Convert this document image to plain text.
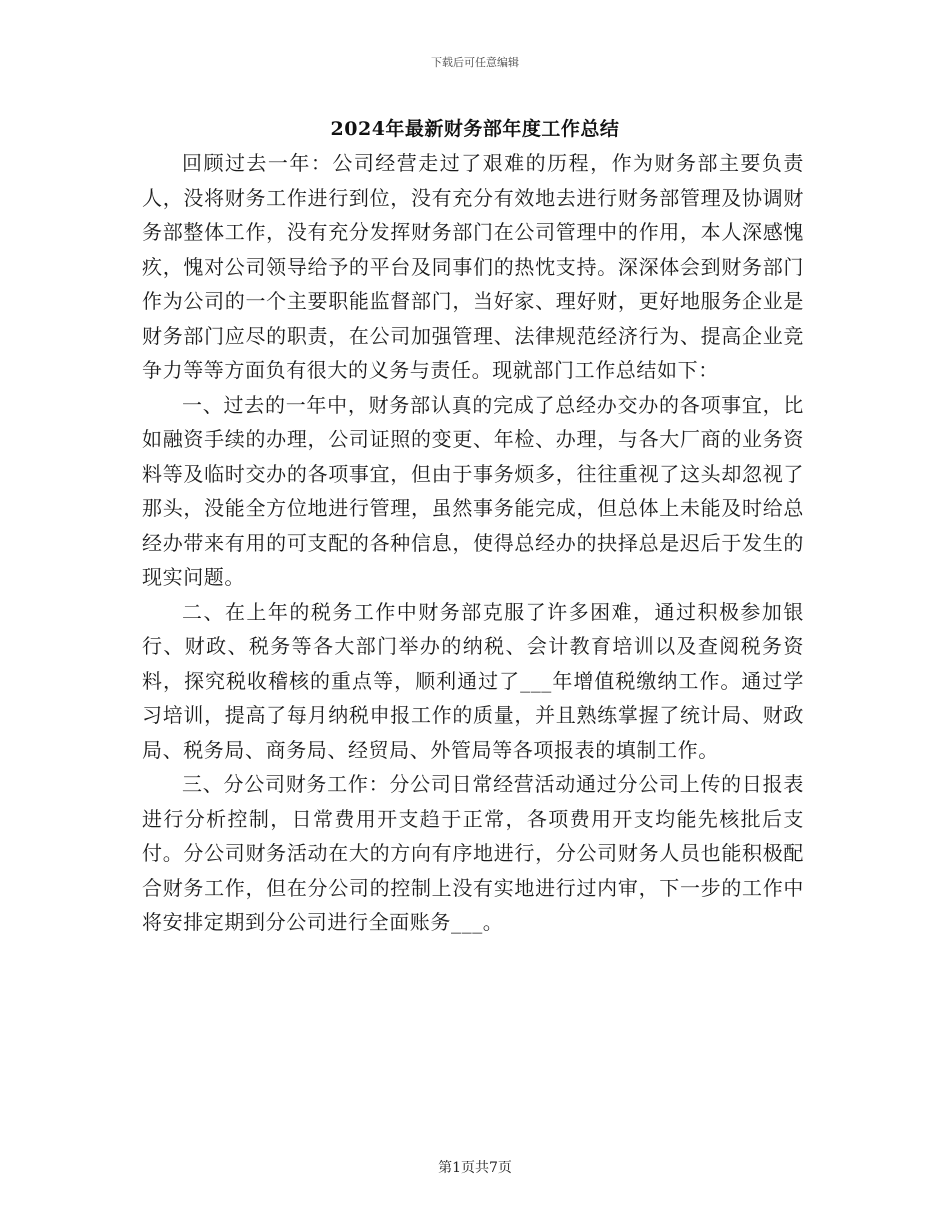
下载后可任意编辑
2024年最新财务部年度工作总结

回顾过去一年：公司经营走过了艰难的历程，作为财务部主要负责人，没将财务工作进行到位，没有充分有效地去进行财务部管理及协调财务部整体工作，没有充分发挥财务部门在公司管理中的作用，本人深感愧疚，愧对公司领导给予的平台及同事们的热忱支持。深深体会到财务部门作为公司的一个主要职能监督部门，当好家、理好财，更好地服务企业是财务部门应尽的职责，在公司加强管理、法律规范经济行为、提高企业竞争力等等方面负有很大的义务与责任。现就部门工作总结如下：

一、过去的一年中，财务部认真的完成了总经办交办的各项事宜，比如融资手续的办理，公司证照的变更、年检、办理，与各大厂商的业务资料等及临时交办的各项事宜，但由于事务烦多，往往重视了这头却忽视了那头，没能全方位地进行管理，虽然事务能完成，但总体上未能及时给总经办带来有用的可支配的各种信息，使得总经办的抉择总是迟后于发生的现实问题。

二、在上年的税务工作中财务部克服了许多困难，通过积极参加银行、财政、税务等各大部门举办的纳税、会计教育培训以及查阅税务资料，探究税收稽核的重点等，顺利通过了___年增值税缴纳工作。通过学习培训，提高了每月纳税申报工作的质量，并且熟练掌握了统计局、财政局、税务局、商务局、经贸局、外管局等各项报表的填制工作。

三、分公司财务工作：分公司日常经营活动通过分公司上传的日报表进行分析控制，日常费用开支趋于正常，各项费用开支均能先核批后支付。分公司财务活动在大的方向有序地进行，分公司财务人员也能积极配合财务工作，但在分公司的控制上没有实地进行过内审，下一步的工作中将安排定期到分公司进行全面账务___。

第1页共7页
